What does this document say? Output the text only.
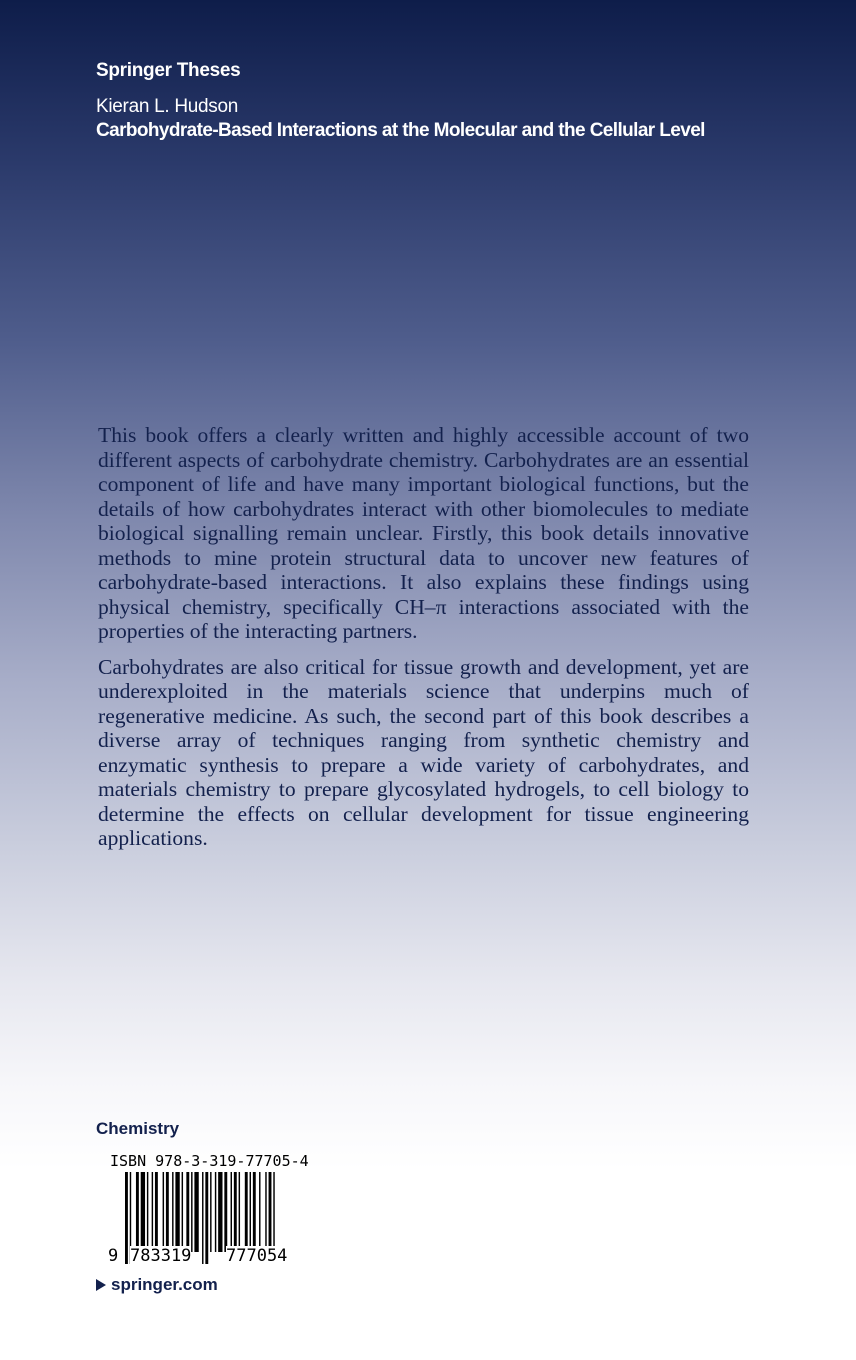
Springer Theses
Kieran L. Hudson
Carbohydrate-Based Interactions at the Molecular and the Cellular Level

This book offers a clearly written and highly accessible account of two different aspects of carbohydrate chemistry. Carbohydrates are an essential component of life and have many important biological functions, but the details of how carbohydrates interact with other biomolecules to mediate biological signalling remain unclear. Firstly, this book details innovative methods to mine protein structural data to uncover new features of carbohydrate-based interactions. It also explains these findings using physical chemistry, specifically CH–π interactions associated with the properties of the interacting partners.

Carbohydrates are also critical for tissue growth and development, yet are underexploited in the materials science that underpins much of regenerative medicine. As such, the second part of this book describes a diverse array of techniques ranging from synthetic chemistry and enzymatic synthesis to prepare a wide variety of carbohydrates, and materials chemistry to prepare glycosylated hydrogels, to cell biology to determine the effects on cellular development for tissue engineering applications.

Chemistry
ISBN 978-3-319-77705-4
9 783319 777054
springer.com
